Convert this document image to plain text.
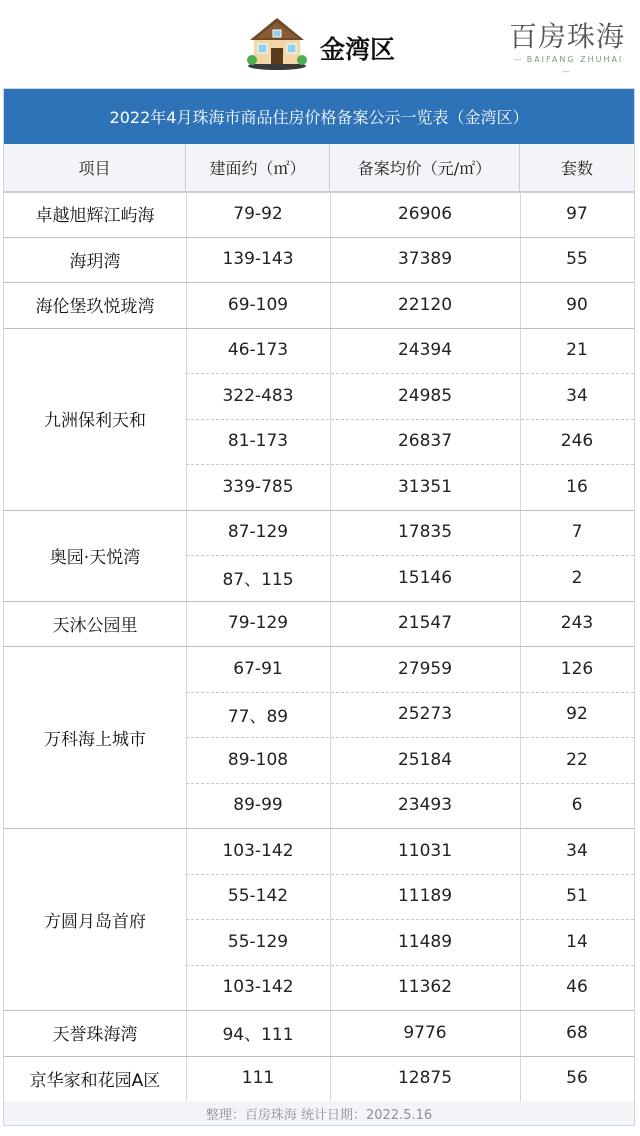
金湾区	百房珠海
— BAIFANG ZHUHAI —
2022年4月珠海市商品住房价格备案公示一览表（金湾区）
项目	建面约（㎡）	备案均价（元/㎡）	套数
卓越旭辉江屿海	79-92	26906	97
海玥湾	139-143	37389	55
海伦堡玖悦珑湾	69-109	22120	90
九洲保利天和
46-173	24394	21
322-483	24985	34
81-173	26837	246
339-785	31351	16
奥园·天悦湾
87-129	17835	7
87、115	15146	2
天沐公园里	79-129	21547	243
万科海上城市
67-91	27959	126
77、89	25273	92
89-108	25184	22
89-99	23493	6
方圆月岛首府
103-142	11031	34
55-142	11189	51
55-129	11489	14
103-142	11362	46
天誉珠海湾	94、111	9776	68
京华家和花园A区	111	12875	56
整理：百房珠海 统计日期：2022.5.16
